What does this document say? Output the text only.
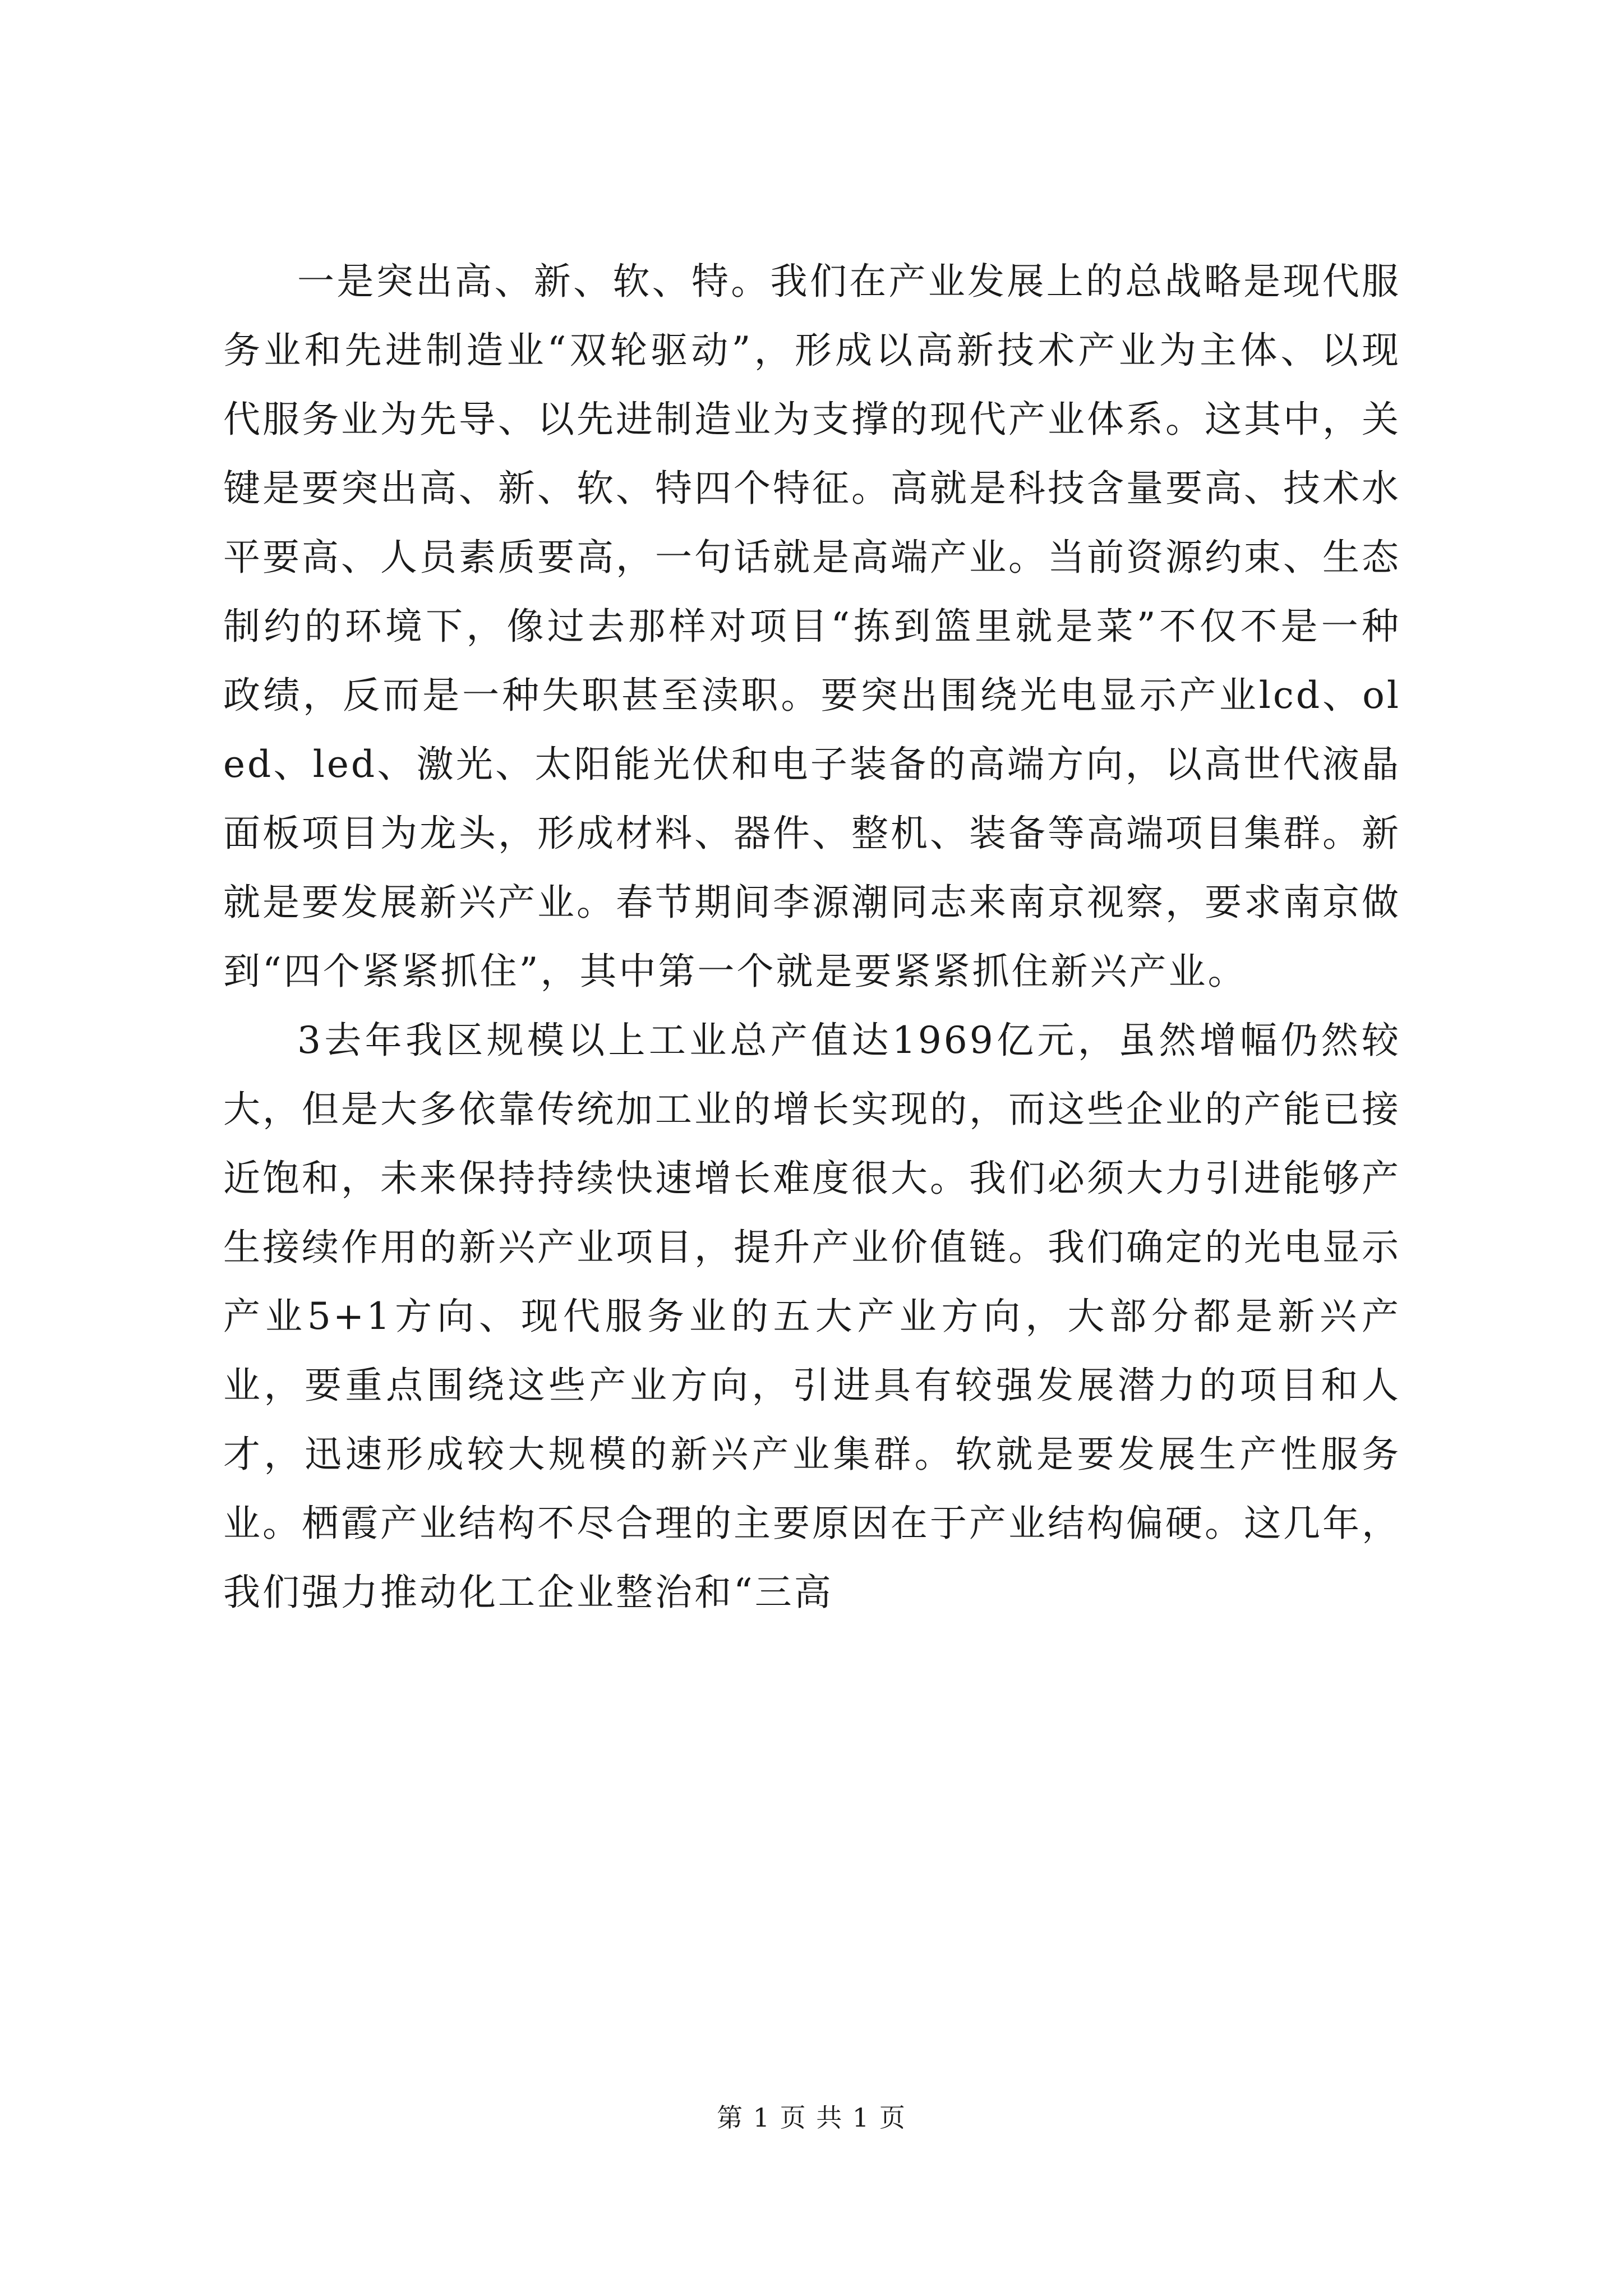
一是突出高、新、软、特。我们在产业发展上的总战略是现代服务业和先进制造业“双轮驱动”，形成以高新技术产业为主体、以现代服务业为先导、以先进制造业为支撑的现代产业体系。这其中，关键是要突出高、新、软、特四个特征。高就是科技含量要高、技术水平要高、人员素质要高，一句话就是高端产业。当前资源约束、生态制约的环境下，像过去那样对项目“拣到篮里就是菜”不仅不是一种政绩，反而是一种失职甚至渎职。要突出围绕光电显示产业lcd、oled、led、激光、太阳能光伏和电子装备的高端方向，以高世代液晶面板项目为龙头，形成材料、器件、整机、装备等高端项目集群。新就是要发展新兴产业。春节期间李源潮同志来南京视察，要求南京做到“四个紧紧抓住”，其中第一个就是要紧紧抓住新兴产业。

3去年我区规模以上工业总产值达1969亿元，虽然增幅仍然较大，但是大多依靠传统加工业的增长实现的，而这些企业的产能已接近饱和，未来保持持续快速增长难度很大。我们必须大力引进能够产生接续作用的新兴产业项目，提升产业价值链。我们确定的光电显示产业5+1方向、现代服务业的五大产业方向，大部分都是新兴产业，要重点围绕这些产业方向，引进具有较强发展潜力的项目和人才，迅速形成较大规模的新兴产业集群。软就是要发展生产性服务业。栖霞产业结构不尽合理的主要原因在于产业结构偏硬。这几年，我们强力推动化工企业整治和“三高

第 1 页 共 1 页
